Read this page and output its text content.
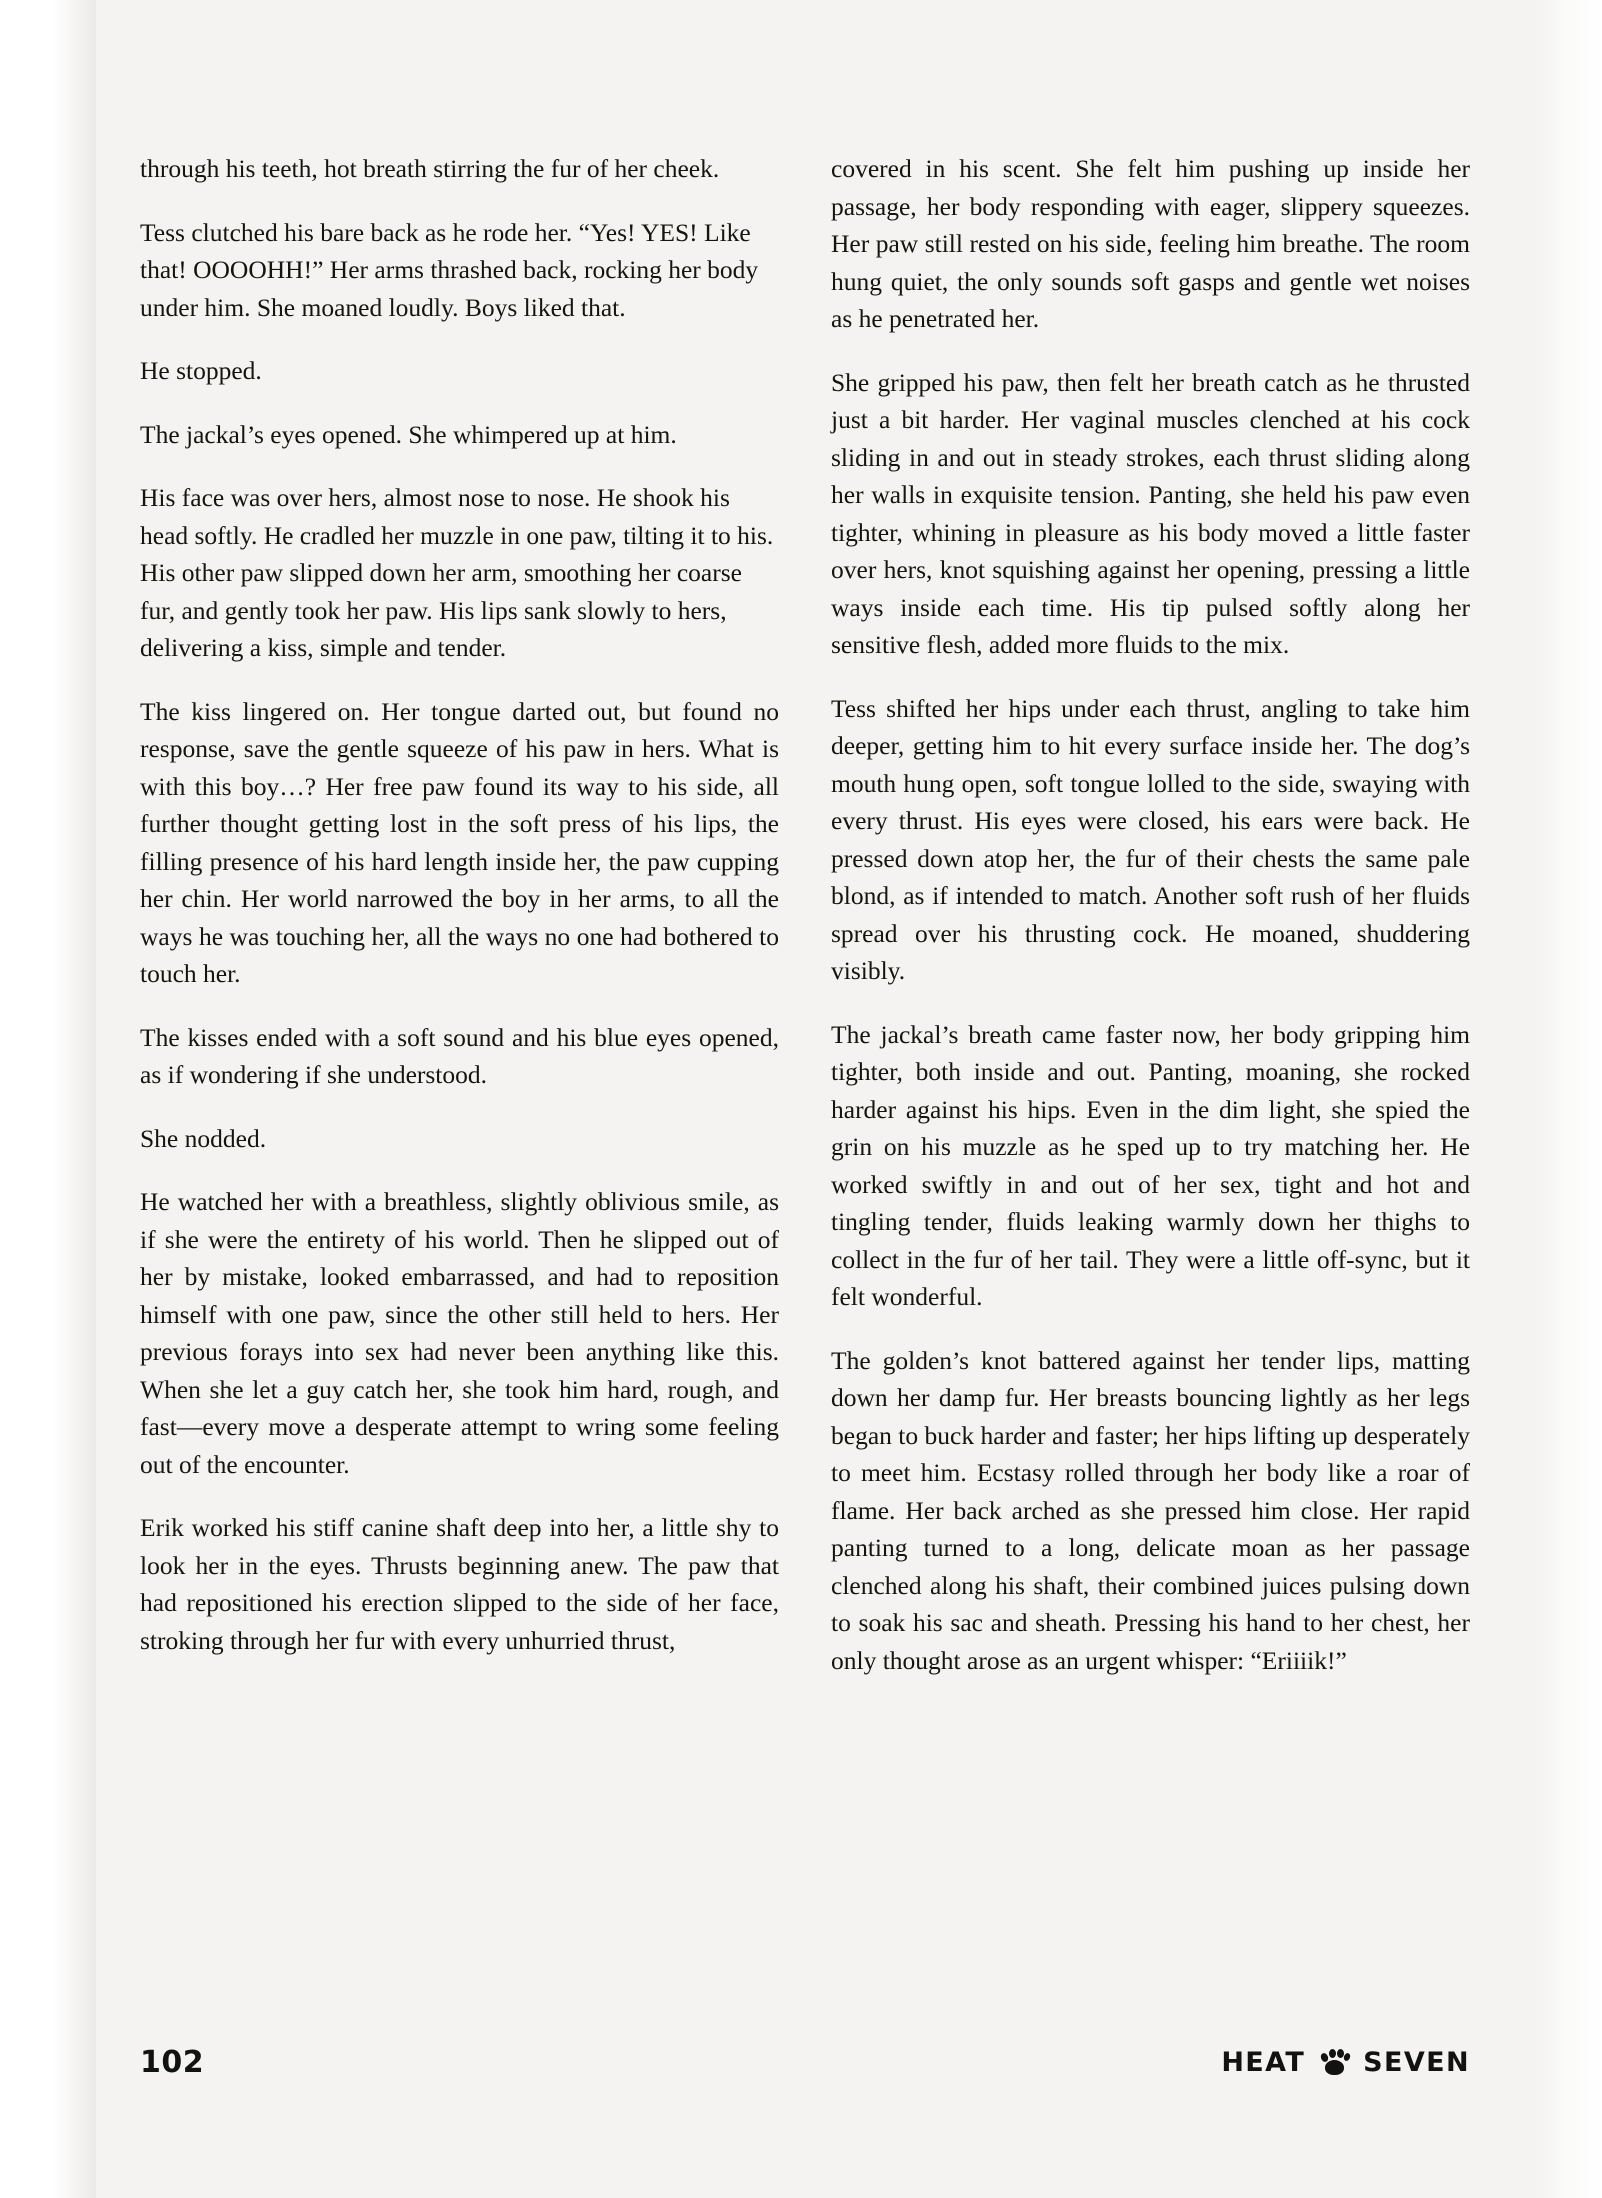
through his teeth, hot breath stirring the fur of her cheek.

Tess clutched his bare back as he rode her. “Yes! YES! Like that! OOOOHH!” Her arms thrashed back, rocking her body under him. She moaned loudly. Boys liked that.

He stopped.

The jackal’s eyes opened. She whimpered up at him.

His face was over hers, almost nose to nose. He shook his head softly. He cradled her muzzle in one paw, tilting it to his. His other paw slipped down her arm, smoothing her coarse fur, and gently took her paw. His lips sank slowly to hers, delivering a kiss, simple and tender.

The kiss lingered on. Her tongue darted out, but found no response, save the gentle squeeze of his paw in hers. What is with this boy…? Her free paw found its way to his side, all further thought getting lost in the soft press of his lips, the filling presence of his hard length inside her, the paw cupping her chin. Her world narrowed the boy in her arms, to all the ways he was touching her, all the ways no one had bothered to touch her.

The kisses ended with a soft sound and his blue eyes opened, as if wondering if she understood.

She nodded.

He watched her with a breathless, slightly oblivious smile, as if she were the entirety of his world. Then he slipped out of her by mistake, looked embarrassed, and had to reposition himself with one paw, since the other still held to hers. Her previous forays into sex had never been anything like this. When she let a guy catch her, she took him hard, rough, and fast—every move a desperate attempt to wring some feeling out of the encounter.

Erik worked his stiff canine shaft deep into her, a little shy to look her in the eyes. Thrusts beginning anew. The paw that had repositioned his erection slipped to the side of her face, stroking through her fur with every unhurried thrust,

covered in his scent. She felt him pushing up inside her passage, her body responding with eager, slippery squeezes. Her paw still rested on his side, feeling him breathe. The room hung quiet, the only sounds soft gasps and gentle wet noises as he penetrated her.

She gripped his paw, then felt her breath catch as he thrusted just a bit harder. Her vaginal muscles clenched at his cock sliding in and out in steady strokes, each thrust sliding along her walls in exquisite tension. Panting, she held his paw even tighter, whining in pleasure as his body moved a little faster over hers, knot squishing against her opening, pressing a little ways inside each time. His tip pulsed softly along her sensitive flesh, added more fluids to the mix.

Tess shifted her hips under each thrust, angling to take him deeper, getting him to hit every surface inside her. The dog’s mouth hung open, soft tongue lolled to the side, swaying with every thrust. His eyes were closed, his ears were back. He pressed down atop her, the fur of their chests the same pale blond, as if intended to match. Another soft rush of her fluids spread over his thrusting cock. He moaned, shuddering visibly.

The jackal’s breath came faster now, her body gripping him tighter, both inside and out. Panting, moaning, she rocked harder against his hips. Even in the dim light, she spied the grin on his muzzle as he sped up to try matching her. He worked swiftly in and out of her sex, tight and hot and tingling tender, fluids leaking warmly down her thighs to collect in the fur of her tail. They were a little off-sync, but it felt wonderful.

The golden’s knot battered against her tender lips, matting down her damp fur. Her breasts bouncing lightly as her legs began to buck harder and faster; her hips lifting up desperately to meet him. Ecstasy rolled through her body like a roar of flame. Her back arched as she pressed him close. Her rapid panting turned to a long, delicate moan as her passage clenched along his shaft, their combined juices pulsing down to soak his sac and sheath. Pressing his hand to her chest, her only thought arose as an urgent whisper: “Eriiiik!”

102	HEAT SEVEN
